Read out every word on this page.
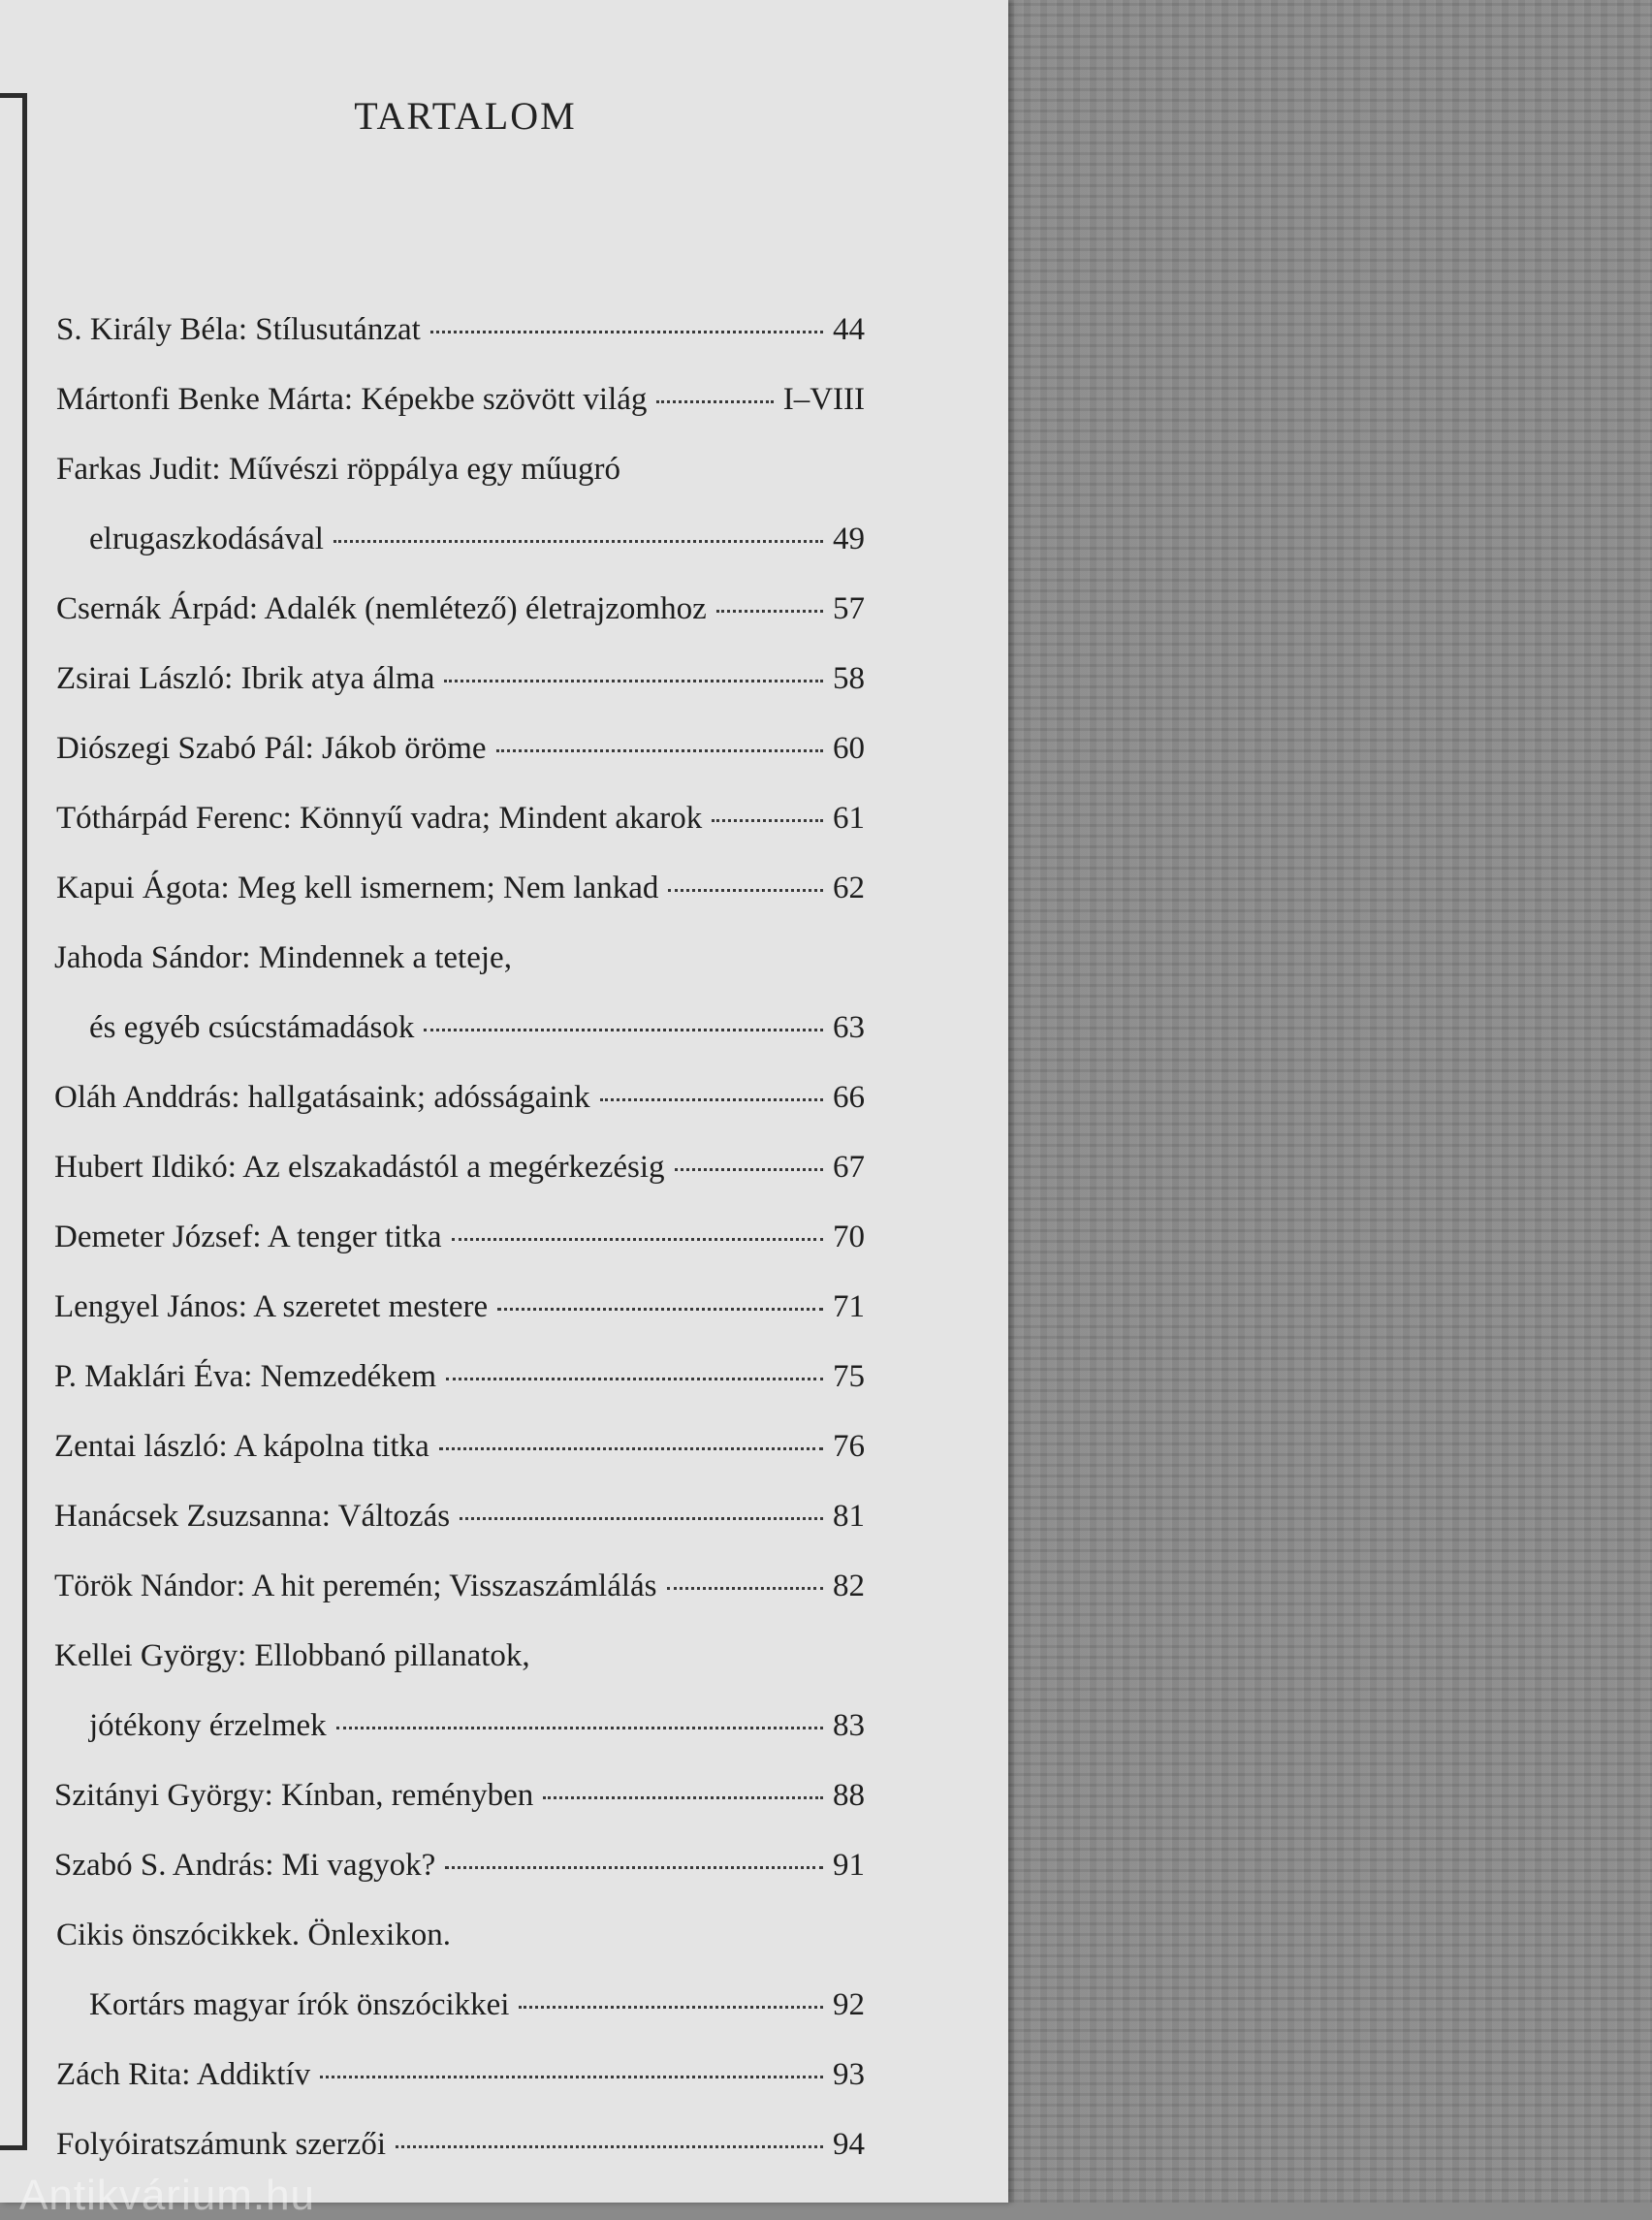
TARTALOM
S. Király Béla: Stílusutánzat	44
Mártonfi Benke Márta: Képekbe szövött világ	I–VIII
Farkas Judit: Művészi röppálya egy műugró
elrugaszkodásával	49
Csernák Árpád: Adalék (nemlétező) életrajzomhoz	57
Zsirai László: Ibrik atya álma	58
Diószegi Szabó Pál: Jákob öröme	60
Tóthárpád Ferenc: Könnyű vadra; Mindent akarok	61
Kapui Ágota: Meg kell ismernem; Nem lankad	62
Jahoda Sándor: Mindennek a teteje,
és egyéb csúcstámadások	63
Oláh Anddrás: hallgatásaink; adósságaink	66
Hubert Ildikó: Az elszakadástól a megérkezésig	67
Demeter József: A tenger titka	70
Lengyel János: A szeretet mestere	71
P. Maklári Éva: Nemzedékem	75
Zentai lászló: A kápolna titka	76
Hanácsek Zsuzsanna: Változás	81
Török Nándor: A hit peremén; Visszaszámlálás	82
Kellei György: Ellobbanó pillanatok,
jótékony érzelmek	83
Szitányi György: Kínban, reményben	88
Szabó S. András: Mi vagyok?	91
Cikis önszócikkek. Önlexikon.
Kortárs magyar írók önszócikkei	92
Zách Rita: Addiktív	93
Folyóiratszámunk szerzői	94
Antikvárium.hu
